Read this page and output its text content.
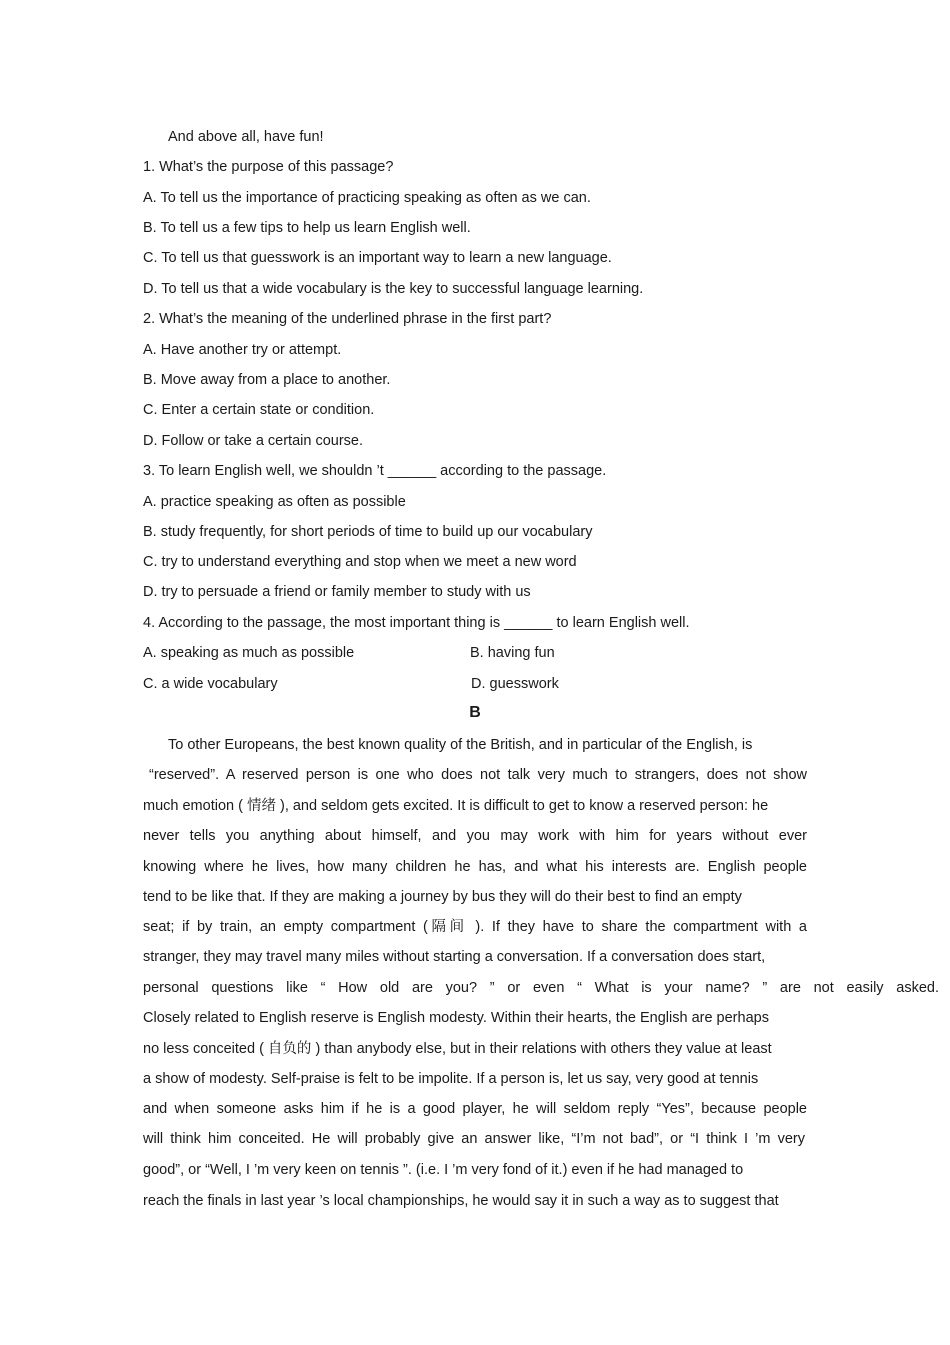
And above all, have fun!
1. What’s the purpose of this passage?
A. To tell us the importance of practicing speaking as often as we can.
B. To tell us a few tips to help us learn English well.
C. To tell us that guesswork is an important way to learn a new language.
D. To tell us that a wide vocabulary is the key to successful language learning.
2. What’s the meaning of the underlined phrase in the first part?
A. Have another try or attempt.
B. Move away from a place to another.
C. Enter a certain state or condition.
D. Follow or take a certain course.
3. To learn English well, we shouldn ’t ______ according to the passage.
A. practice speaking as often as possible
B. study frequently, for short periods of time to build up our vocabulary
C. try to understand everything and stop when we meet a new word
D. try to persuade a friend or family member to study with us
4. According to the passage, the most important thing is ______ to learn English well.
A. speaking as much as possible	B. having fun
C. a wide vocabulary	D. guesswork
B
To other Europeans, the best known quality of the British, and in particular of the English, is
“reserved”. A reserved person is one who does not talk very much to strangers, does not show
much emotion ( 情绪 ), and seldom gets excited. It is difficult to get to know a reserved person: he
never tells you anything about himself, and you may work with him for years without ever
knowing where he lives, how many children he has, and what his interests are. English people
tend to be like that. If they are making a journey by bus they will do their best to find an empty
seat; if by train, an empty compartment (隔间 ). If they have to share the compartment with a
stranger, they may travel many miles without starting a conversation. If a conversation does start,
personal questions like “ How old are you? ” or even “ What is your name? ” are not easily asked.
Closely related to English reserve is English modesty. Within their hearts, the English are perhaps
no less conceited ( 自负的 ) than anybody else, but in their relations with others they value at least
a show of modesty. Self-praise is felt to be impolite. If a person is, let us say, very good at tennis
and when someone asks him if he is a good player, he will seldom reply “Yes”, because people
will think him conceited. He will probably give an answer like, “I’m not bad”, or “I think I ’m very
good”, or “Well, I ’m very keen on tennis ”. (i.e. I ’m very fond of it.) even if he had managed to
reach the finals in last year ’s local championships, he would say it in such a way as to suggest that
